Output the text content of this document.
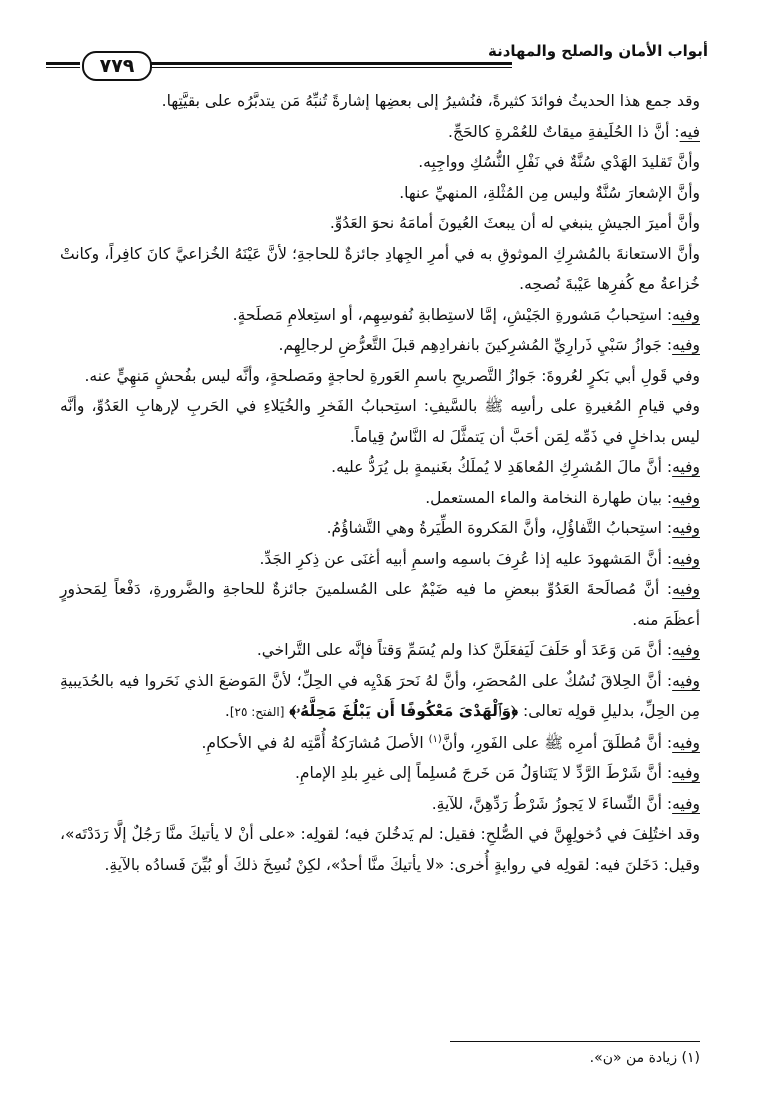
أبواب الأمان والصلح والمهادنة
٧٧٩

وقد جمع هذا الحديثُ فوائدَ كثيرةً، فنُشيرُ إلى بعضِها إشارةً تُنبِّهُ مَن يتدبَّرُه على بقيَّتِها.

فيه: أنَّ ذا الحُلَيفةِ ميقاتٌ للعُمْرةِ كالحَجِّ.

وأنَّ تَقليدَ الهَدْي سُنَّةٌ في نَفْلِ النُّسُكِ وواجِبِه.

وأنَّ الإشعارَ سُنَّةٌ وليس مِن المُثْلةِ، المنهيِّ عنها.

وأنَّ أميرَ الجيشِ ينبغي له أن يبعثَ العُيونَ أمامَهُ نحوَ العَدُوِّ.

وأنَّ الاستعانةَ بالمُشرِكِ الموثوقِ به في أمرِ الجِهادِ جائزةٌ للحاجةِ؛ لأنَّ عَيْنَهُ الخُزاعيَّ كانَ كافِراً، وكانتْ خُزاعةُ مع كُفرِها عَيْبةَ نُصحِه.

وفيه: استِحبابُ مَشورةِ الجَيْشِ، إمَّا لاستِطابةِ نُفوسِهِم، أو استِعلامِ مَصلَحةٍ.

وفيه: جَوازُ سَبْيِ ذَرارِيِّ المُشرِكينَ بانفرادِهِم قبلَ التَّعرُّضِ لرجالِهِم.

وفي قَولِ أبي بَكرٍ لعُروةَ: جَوازُ التَّصريحِ باسمِ العَورةِ لحاجةٍ ومَصلحةٍ، وأنَّه ليس بفُحشٍ مَنهِيٍّ عنه.

وفي قيامِ المُغيرةِ على رأسِه ﷺ بالسَّيفِ: استِحبابُ الفَخرِ والخُيَلاءِ في الحَربِ لإرهابِ العَدُوِّ، وأنَّه ليس بداخلٍ في ذَمِّه لِمَن أحَبَّ أن يَتمثَّلَ له النَّاسُ قِياماً.

وفيه: أنَّ مالَ المُشرِكِ المُعاهَدِ لا يُملَكُ بغَنيمةٍ بل يُرَدُّ عليه.

وفيه: بيان طهارة النخامة والماء المستعمل.

وفيه: استِحبابُ التَّفاؤُلِ، وأنَّ المَكروهَ الطِّيَرةُ وهي التَّشاؤُمُ.

وفيه: أنَّ المَشهودَ عليه إذا عُرِفَ باسمِه واسمِ أبيه أغنَى عن ذِكرِ الجَدِّ.

وفيه: أنَّ مُصالَحةَ العَدُوِّ ببعضِ ما فيه ضَيْمٌ على المُسلمينَ جائزةٌ للحاجةِ والضَّرورةِ، دَفْعاً لِمَحذورٍ أعظَمَ منه.

وفيه: أنَّ مَن وَعَدَ أو حَلَفَ لَيَفعَلَنَّ كذا ولم يُسَمِّ وَقتاً فإنَّه على التَّراخي.

وفيه: أنَّ الحِلاقَ نُسُكٌ على المُحصَرِ، وأنَّ لهُ نَحرَ هَدْيِه في الحِلِّ؛ لأنَّ المَوضعَ الذي نَحَروا فيه بالحُدَيبيةِ مِن الحِلِّ، بدليلِ قولِه تعالى: ﴿وَٱلْهَدْىَ مَعْكُوفًا أَن يَبْلُغَ مَحِلَّهُۥ﴾ [الفتح: ٢٥].

وفيه: أنَّ مُطلَقَ أمرِه ﷺ على الفَورِ، وأنَّ$^{(١)}$ الأصلَ مُشارَكةُ أُمَّتِه لهُ في الأحكامِ.

وفيه: أنَّ شَرْطَ الرَّدِّ لا يَتَناوَلُ مَن خَرجَ مُسلِماً إلى غيرِ بلدِ الإمامِ.

وفيه: أنَّ النِّساءَ لا يَجوزُ شَرْطُ رَدِّهِنَّ، للآيةِ.

وقد اختُلِفَ في دُخولِهِنَّ في الصُّلحِ: فقيل: لم يَدخُلنَ فيه؛ لقولِه: «على أنْ لا يأتيكَ منَّا رَجُلٌ إلَّا رَدَدْتَه»، وقيل: دَخَلنَ فيه: لقولِه في روايةٍ أُخرى: «لا يأتيكَ منَّا أحدٌ»، لكِنْ نُسِخَ ذلكَ أو بُيِّنَ فَسادُه بالآيةِ.

(١) زيادة من «ن».
